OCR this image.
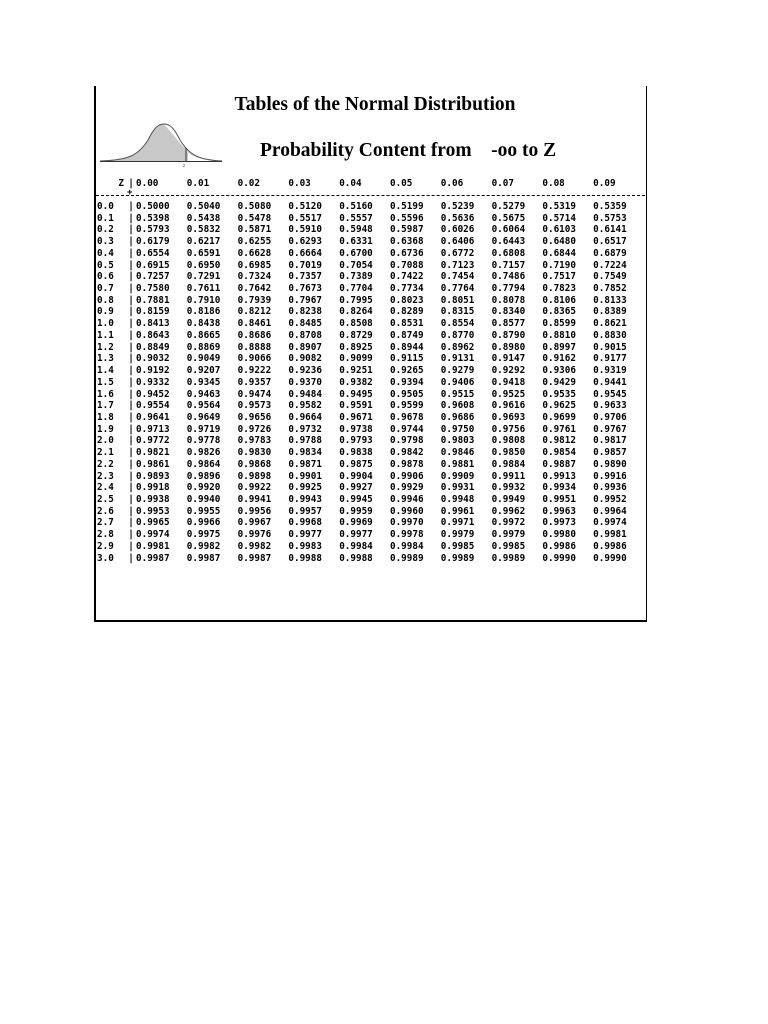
Tables of the Normal Distribution
z
Probability Content from    -oo to Z
Z | 0.00	0.01	0.02	0.03	0.04	0.05	0.06	0.07	0.08	0.09
+
0.0	| 0.5000	0.5040	0.5080	0.5120	0.5160	0.5199	0.5239	0.5279	0.5319	0.5359
0.1	| 0.5398	0.5438	0.5478	0.5517	0.5557	0.5596	0.5636	0.5675	0.5714	0.5753
0.2	| 0.5793	0.5832	0.5871	0.5910	0.5948	0.5987	0.6026	0.6064	0.6103	0.6141
0.3	| 0.6179	0.6217	0.6255	0.6293	0.6331	0.6368	0.6406	0.6443	0.6480	0.6517
0.4	| 0.6554	0.6591	0.6628	0.6664	0.6700	0.6736	0.6772	0.6808	0.6844	0.6879
0.5	| 0.6915	0.6950	0.6985	0.7019	0.7054	0.7088	0.7123	0.7157	0.7190	0.7224
0.6	| 0.7257	0.7291	0.7324	0.7357	0.7389	0.7422	0.7454	0.7486	0.7517	0.7549
0.7	| 0.7580	0.7611	0.7642	0.7673	0.7704	0.7734	0.7764	0.7794	0.7823	0.7852
0.8	| 0.7881	0.7910	0.7939	0.7967	0.7995	0.8023	0.8051	0.8078	0.8106	0.8133
0.9	| 0.8159	0.8186	0.8212	0.8238	0.8264	0.8289	0.8315	0.8340	0.8365	0.8389
1.0	| 0.8413	0.8438	0.8461	0.8485	0.8508	0.8531	0.8554	0.8577	0.8599	0.8621
1.1	| 0.8643	0.8665	0.8686	0.8708	0.8729	0.8749	0.8770	0.8790	0.8810	0.8830
1.2	| 0.8849	0.8869	0.8888	0.8907	0.8925	0.8944	0.8962	0.8980	0.8997	0.9015
1.3	| 0.9032	0.9049	0.9066	0.9082	0.9099	0.9115	0.9131	0.9147	0.9162	0.9177
1.4	| 0.9192	0.9207	0.9222	0.9236	0.9251	0.9265	0.9279	0.9292	0.9306	0.9319
1.5	| 0.9332	0.9345	0.9357	0.9370	0.9382	0.9394	0.9406	0.9418	0.9429	0.9441
1.6	| 0.9452	0.9463	0.9474	0.9484	0.9495	0.9505	0.9515	0.9525	0.9535	0.9545
1.7	| 0.9554	0.9564	0.9573	0.9582	0.9591	0.9599	0.9608	0.9616	0.9625	0.9633
1.8	| 0.9641	0.9649	0.9656	0.9664	0.9671	0.9678	0.9686	0.9693	0.9699	0.9706
1.9	| 0.9713	0.9719	0.9726	0.9732	0.9738	0.9744	0.9750	0.9756	0.9761	0.9767
2.0	| 0.9772	0.9778	0.9783	0.9788	0.9793	0.9798	0.9803	0.9808	0.9812	0.9817
2.1	| 0.9821	0.9826	0.9830	0.9834	0.9838	0.9842	0.9846	0.9850	0.9854	0.9857
2.2	| 0.9861	0.9864	0.9868	0.9871	0.9875	0.9878	0.9881	0.9884	0.9887	0.9890
2.3	| 0.9893	0.9896	0.9898	0.9901	0.9904	0.9906	0.9909	0.9911	0.9913	0.9916
2.4	| 0.9918	0.9920	0.9922	0.9925	0.9927	0.9929	0.9931	0.9932	0.9934	0.9936
2.5	| 0.9938	0.9940	0.9941	0.9943	0.9945	0.9946	0.9948	0.9949	0.9951	0.9952
2.6	| 0.9953	0.9955	0.9956	0.9957	0.9959	0.9960	0.9961	0.9962	0.9963	0.9964
2.7	| 0.9965	0.9966	0.9967	0.9968	0.9969	0.9970	0.9971	0.9972	0.9973	0.9974
2.8	| 0.9974	0.9975	0.9976	0.9977	0.9977	0.9978	0.9979	0.9979	0.9980	0.9981
2.9	| 0.9981	0.9982	0.9982	0.9983	0.9984	0.9984	0.9985	0.9985	0.9986	0.9986
3.0	| 0.9987	0.9987	0.9987	0.9988	0.9988	0.9989	0.9989	0.9989	0.9990	0.9990
